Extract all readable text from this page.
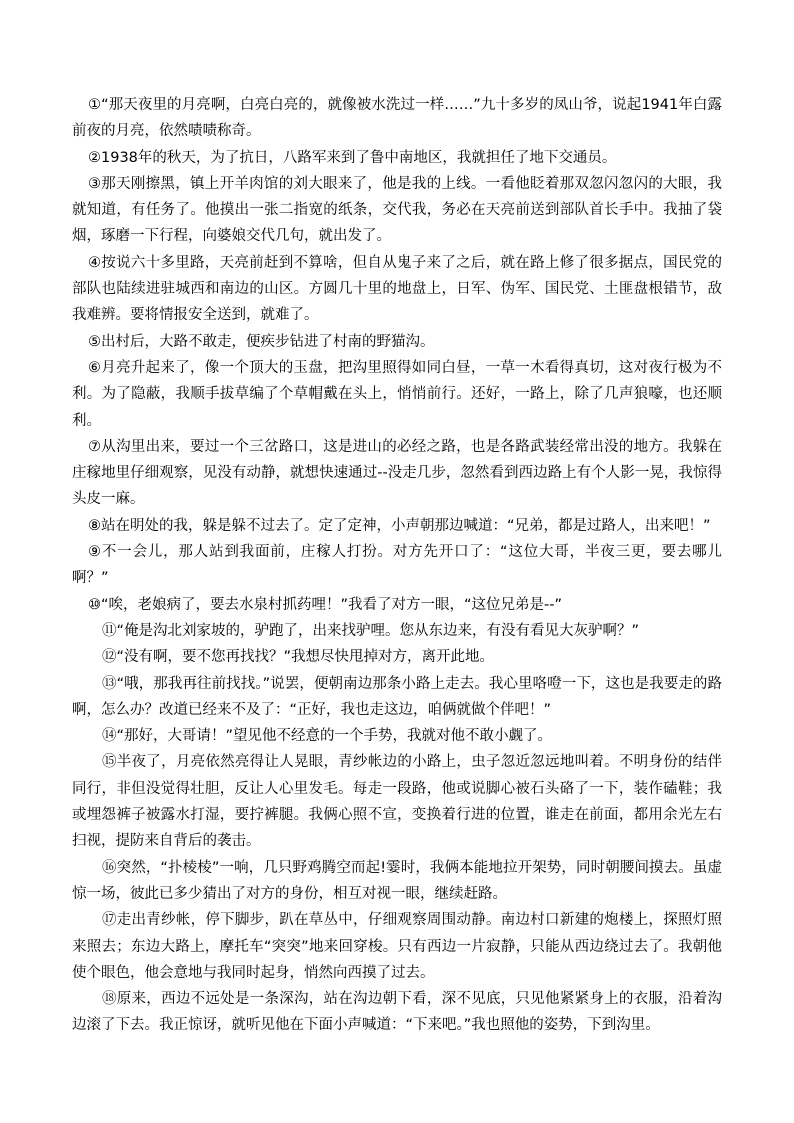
①“那天夜里的月亮啊，白亮白亮的，就像被水洗过一样……”九十多岁的凤山爷，说起1941年白露前夜的月亮，依然啧啧称奇。

②1938年的秋天，为了抗日，八路军来到了鲁中南地区，我就担任了地下交通员。

③那天刚擦黑，镇上开羊肉馆的刘大眼来了，他是我的上线。一看他眨着那双忽闪忽闪的大眼，我就知道，有任务了。他摸出一张二指宽的纸条，交代我，务必在天亮前送到部队首长手中。我抽了袋烟，琢磨一下行程，向婆娘交代几句，就出发了。

④按说六十多里路，天亮前赶到不算啥，但自从鬼子来了之后，就在路上修了很多据点，国民党的部队也陆续进驻城西和南边的山区。方圆几十里的地盘上，日军、伪军、国民党、土匪盘根错节，敌我难辨。要将情报安全送到，就难了。

⑤出村后，大路不敢走，便疾步钻进了村南的野猫沟。

⑥月亮升起来了，像一个顶大的玉盘，把沟里照得如同白昼，一草一木看得真切，这对夜行极为不利。为了隐蔽，我顺手拔草编了个草帽戴在头上，悄悄前行。还好，一路上，除了几声狼嚎，也还顺利。

⑦从沟里出来，要过一个三岔路口，这是进山的必经之路，也是各路武装经常出没的地方。我躲在庄稼地里仔细观察，见没有动静，就想快速通过--没走几步，忽然看到西边路上有个人影一晃，我惊得头皮一麻。

⑧站在明处的我，躲是躲不过去了。定了定神，小声朝那边喊道：“兄弟，都是过路人，出来吧！”

⑨不一会儿，那人站到我面前，庄稼人打扮。对方先开口了：“这位大哥，半夜三更，要去哪儿啊？”

⑩“唉，老娘病了，要去水泉村抓药哩！”我看了对方一眼，“这位兄弟是--”

⑪“俺是沟北刘家坡的，驴跑了，出来找驴哩。您从东边来，有没有看见大灰驴啊？”

⑫“没有啊，要不您再找找？”我想尽快甩掉对方，离开此地。

⑬“哦，那我再往前找找。”说罢，便朝南边那条小路上走去。我心里咯噔一下，这也是我要走的路啊，怎么办？改道已经来不及了：“正好，我也走这边，咱俩就做个伴吧！”

⑭“那好，大哥请！”望见他不经意的一个手势，我就对他不敢小觑了。

⑮半夜了，月亮依然亮得让人晃眼，青纱帐边的小路上，虫子忽近忽远地叫着。不明身份的结伴同行，非但没觉得壮胆，反让人心里发毛。每走一段路，他或说脚心被石头硌了一下，装作磕鞋；我或埋怨裤子被露水打湿，要拧裤腿。我俩心照不宣，变换着行进的位置，谁走在前面，都用余光左右扫视，提防来自背后的袭击。

⑯突然，“扑棱棱”一响，几只野鸡腾空而起!霎时，我俩本能地拉开架势，同时朝腰间摸去。虽虚惊一场，彼此已多少猜出了对方的身份，相互对视一眼，继续赶路。

⑰走出青纱帐，停下脚步，趴在草丛中，仔细观察周围动静。南边村口新建的炮楼上，探照灯照来照去；东边大路上，摩托车“突突”地来回穿梭。只有西边一片寂静，只能从西边绕过去了。我朝他使个眼色，他会意地与我同时起身，悄然向西摸了过去。

⑱原来，西边不远处是一条深沟，站在沟边朝下看，深不见底，只见他紧紧身上的衣服，沿着沟边滚了下去。我正惊讶，就听见他在下面小声喊道：“下来吧。”我也照他的姿势，下到沟里。
